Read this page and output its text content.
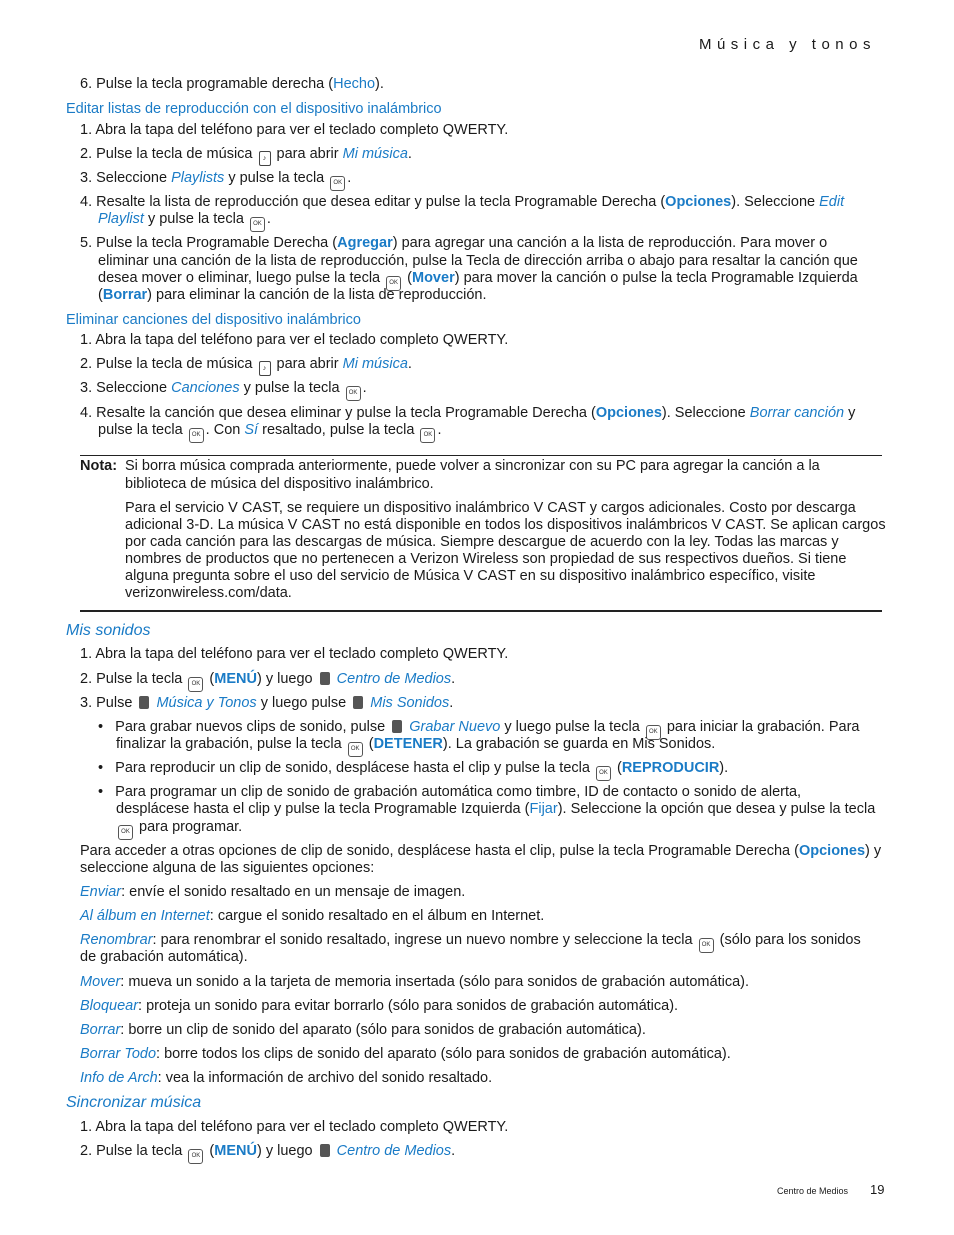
Música y tonos
6. Pulse la tecla programable derecha (Hecho).
Editar listas de reproducción con el dispositivo inalámbrico
1. Abra la tapa del teléfono para ver el teclado completo QWERTY.
2. Pulse la tecla de música ♪ para abrir Mi música.
3. Seleccione Playlists y pulse la tecla OK .
4. Resalte la lista de reproducción que desea editar y pulse la tecla Programable Derecha (Opciones). Seleccione Edit
Playlist y pulse la tecla OK .
5. Pulse la tecla Programable Derecha (Agregar) para agregar una canción a la lista de reproducción. Para mover o
eliminar una canción de la lista de reproducción, pulse la Tecla de dirección arriba o abajo para resaltar la canción que
desea mover o eliminar, luego pulse la tecla OK (Mover) para mover la canción o pulse la tecla Programable Izquierda
(Borrar) para eliminar la canción de la lista de reproducción.
Eliminar canciones del dispositivo inalámbrico
1. Abra la tapa del teléfono para ver el teclado completo QWERTY.
2. Pulse la tecla de música ♪ para abrir Mi música.
3. Seleccione Canciones y pulse la tecla OK .
4. Resalte la canción que desea eliminar y pulse la tecla Programable Derecha (Opciones). Seleccione Borrar canción y
pulse la tecla OK . Con Sí resaltado, pulse la tecla OK .
Nota: Si borra música comprada anteriormente, puede volver a sincronizar con su PC para agregar la canción a la
biblioteca de música del dispositivo inalámbrico.
Para el servicio V CAST, se requiere un dispositivo inalámbrico V CAST y cargos adicionales. Costo por descarga
adicional 3-D. La música V CAST no está disponible en todos los dispositivos inalámbricos V CAST. Se aplican cargos
por cada canción para las descargas de música. Siempre descargue de acuerdo con la ley. Todas las marcas y
nombres de productos que no pertenecen a Verizon Wireless son propiedad de sus respectivos dueños. Si tiene
alguna pregunta sobre el uso del servicio de Música V CAST en su dispositivo inalámbrico específico, visite
verizonwireless.com/data.
Mis sonidos
1. Abra la tapa del teléfono para ver el teclado completo QWERTY.
2. Pulse la tecla OK (MENÚ) y luego Centro de Medios.
3. Pulse Música y Tonos y luego pulse Mis Sonidos.
•   Para grabar nuevos clips de sonido, pulse Grabar Nuevo y luego pulse la tecla OK para iniciar la grabación. Para
finalizar la grabación, pulse la tecla OK (DETENER). La grabación se guarda en Mis Sonidos.
•   Para reproducir un clip de sonido, desplácese hasta el clip y pulse la tecla OK (REPRODUCIR).
•   Para programar un clip de sonido de grabación automática como timbre, ID de contacto o sonido de alerta,
desplácese hasta el clip y pulse la tecla Programable Izquierda (Fijar). Seleccione la opción que desea y pulse la tecla
OK para programar.
Para acceder a otras opciones de clip de sonido, desplácese hasta el clip, pulse la tecla Programable Derecha (Opciones) y
seleccione alguna de las siguientes opciones:
Enviar: envíe el sonido resaltado en un mensaje de imagen.
Al álbum en Internet: cargue el sonido resaltado en el álbum en Internet.
Renombrar: para renombrar el sonido resaltado, ingrese un nuevo nombre y seleccione la tecla OK (sólo para los sonidos
de grabación automática).
Mover: mueva un sonido a la tarjeta de memoria insertada (sólo para sonidos de grabación automática).
Bloquear: proteja un sonido para evitar borrarlo (sólo para sonidos de grabación automática).
Borrar: borre un clip de sonido del aparato (sólo para sonidos de grabación automática).
Borrar Todo: borre todos los clips de sonido del aparato (sólo para sonidos de grabación automática).
Info de Arch: vea la información de archivo del sonido resaltado.
Sincronizar música
1. Abra la tapa del teléfono para ver el teclado completo QWERTY.
2. Pulse la tecla OK (MENÚ) y luego Centro de Medios.
Centro de Medios 19
